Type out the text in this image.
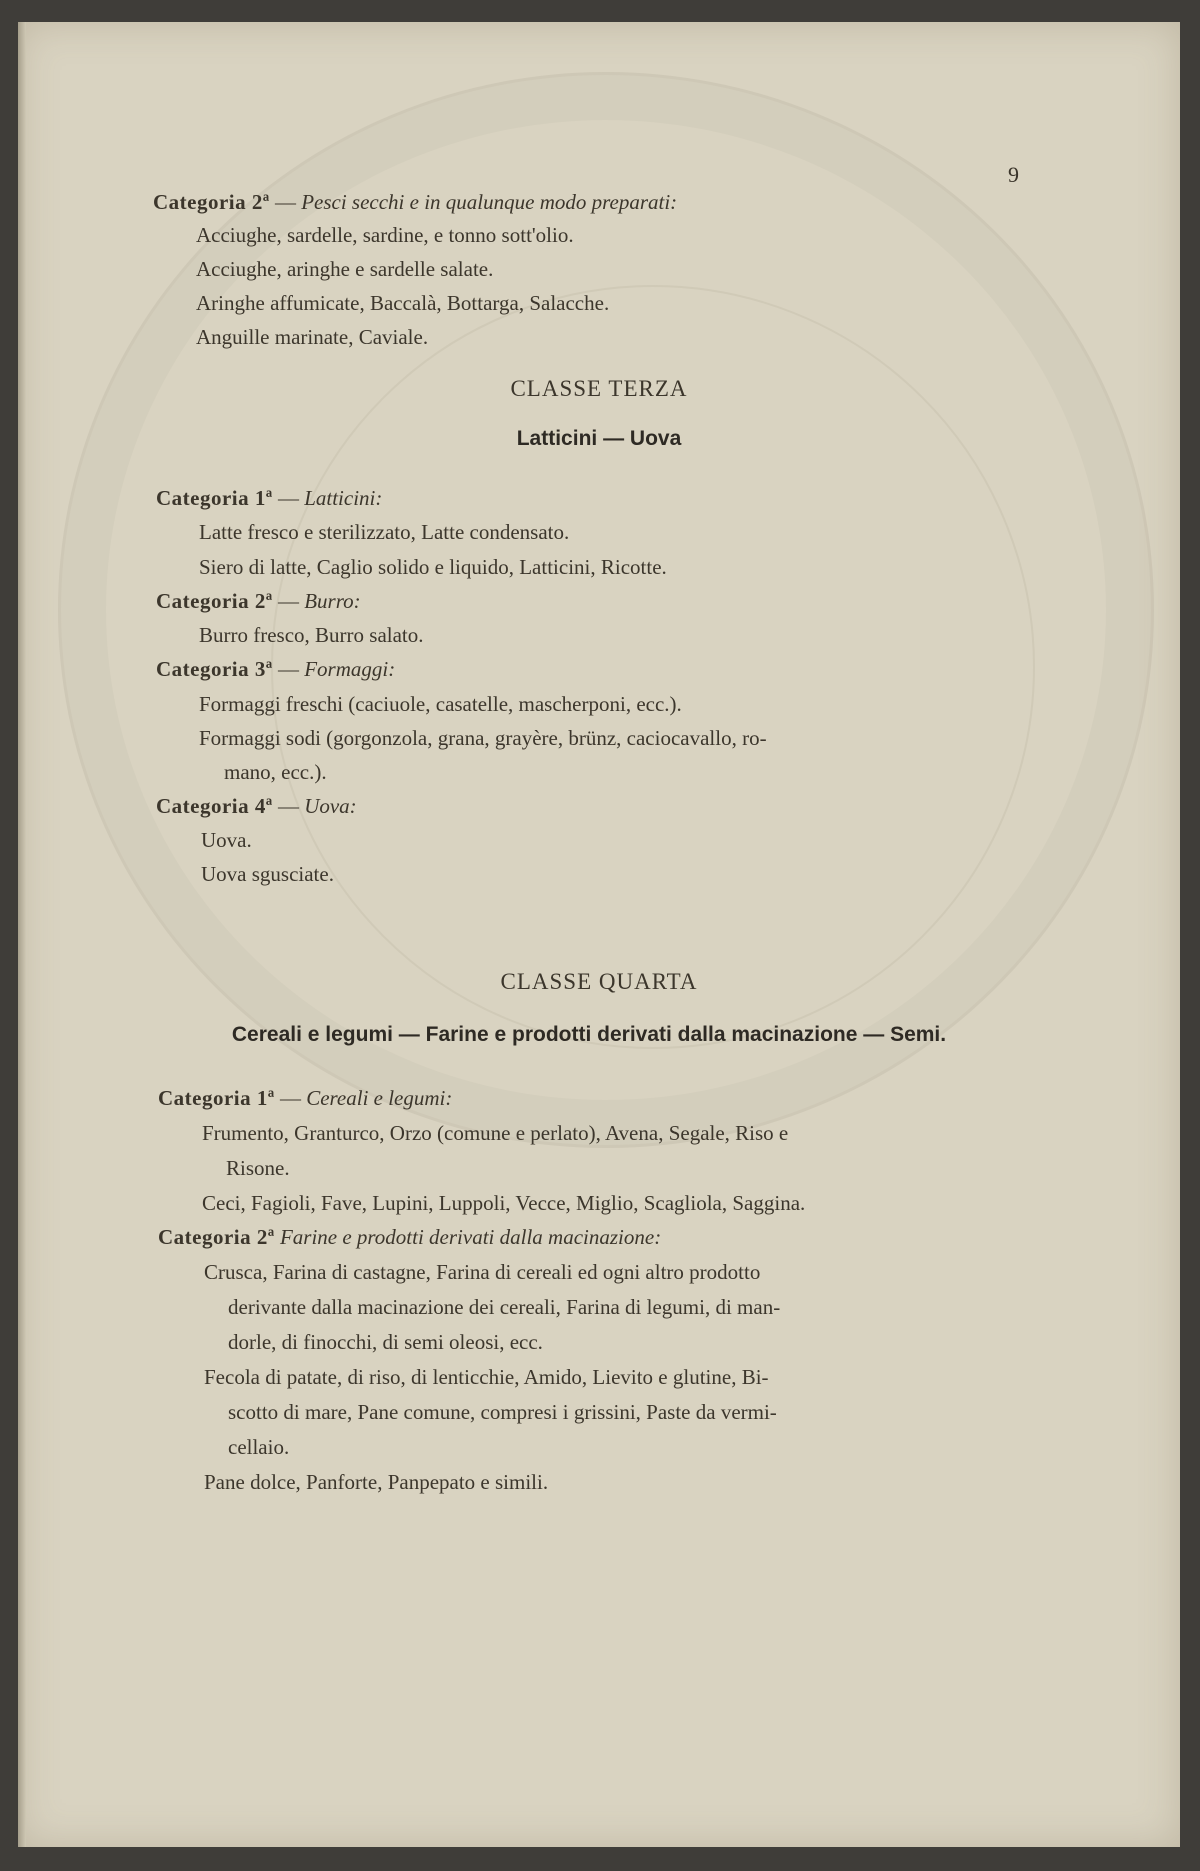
9
Categoria 2ª — Pesci secchi e in qualunque modo preparati:
Acciughe, sardelle, sardine, e tonno sott'olio.
Acciughe, aringhe e sardelle salate.
Aringhe affumicate, Baccalà, Bottarga, Salacche.
Anguille marinate, Caviale.
CLASSE TERZA
Latticini — Uova
Categoria 1ª — Latticini:
Latte fresco e sterilizzato, Latte condensato.
Siero di latte, Caglio solido e liquido, Latticini, Ricotte.
Categoria 2ª — Burro:
Burro fresco, Burro salato.
Categoria 3ª — Formaggi:
Formaggi freschi (caciuole, casatelle, mascherponi, ecc.).
Formaggi sodi (gorgonzola, grana, grayère, brünz, caciocavallo, ro-
mano, ecc.).
Categoria 4ª — Uova:
Uova.
Uova sgusciate.
CLASSE QUARTA
Cereali e legumi — Farine e prodotti derivati dalla macinazione — Semi.
Categoria 1ª — Cereali e legumi:
Frumento, Granturco, Orzo (comune e perlato), Avena, Segale, Riso e
Risone.
Ceci, Fagioli, Fave, Lupini, Luppoli, Vecce, Miglio, Scagliola, Saggina.
Categoria 2ª Farine e prodotti derivati dalla macinazione:
Crusca, Farina di castagne, Farina di cereali ed ogni altro prodotto
derivante dalla macinazione dei cereali, Farina di legumi, di man-
dorle, di finocchi, di semi oleosi, ecc.
Fecola di patate, di riso, di lenticchie, Amido, Lievito e glutine, Bi-
scotto di mare, Pane comune, compresi i grissini, Paste da vermi-
cellaio.
Pane dolce, Panforte, Panpepato e simili.
